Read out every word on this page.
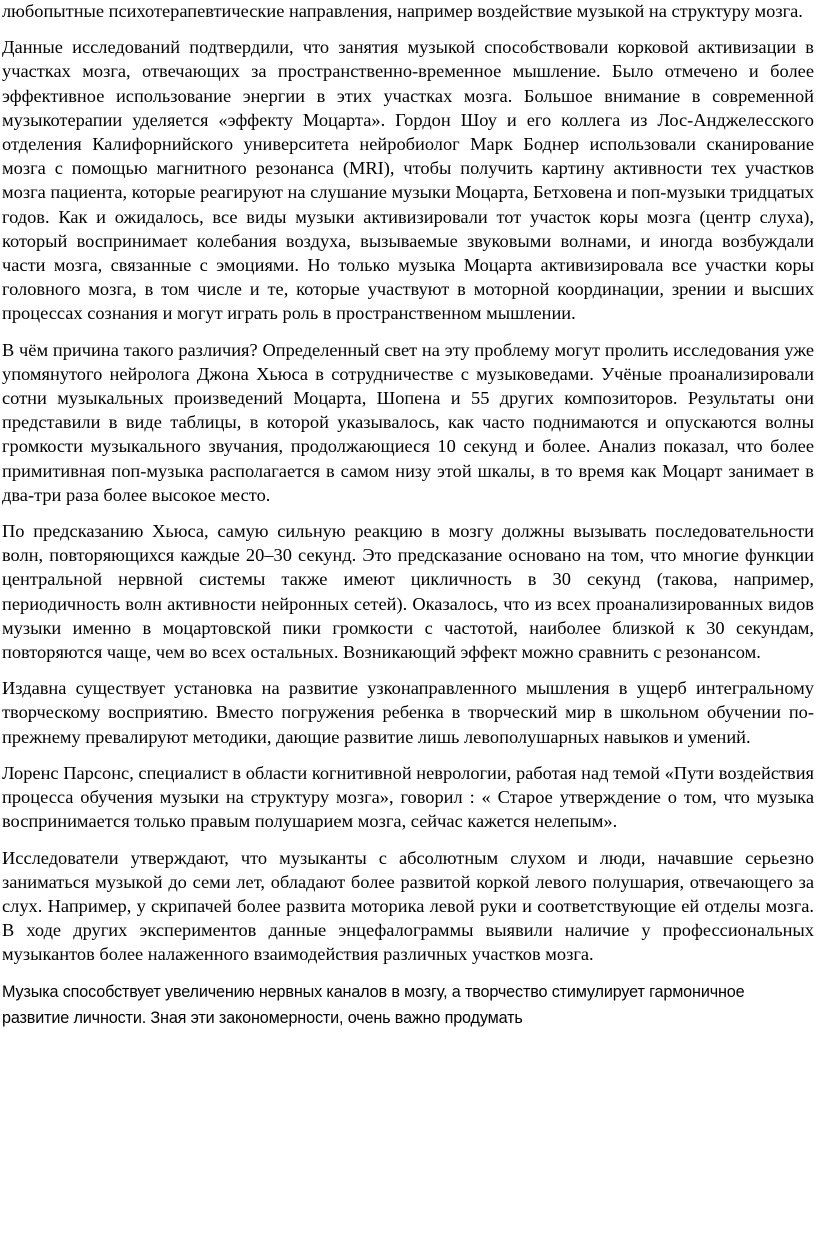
любопытные психотерапевтические направления, например воздействие музыкой на структуру мозга.

Данные исследований подтвердили, что занятия музыкой способствовали корковой активизации в участках мозга, отвечающих за пространственно-временное мышление. Было отмечено и более эффективное использование энергии в этих участках мозга. Большое внимание в современной музыкотерапии уделяется «эффекту Моцарта». Гордон Шоу и его коллега из Лос-Анджелесского отделения Калифорнийского университета нейробиолог Марк Боднер использовали сканирование мозга с помощью магнитного резонанса (MRI), чтобы получить картину активности тех участков мозга пациента, которые реагируют на слушание музыки Моцарта, Бетховена и поп-музыки тридцатых годов. Как и ожидалось, все виды музыки активизировали тот участок коры мозга (центр слуха), который воспринимает колебания воздуха, вызываемые звуковыми волнами, и иногда возбуждали части мозга, связанные с эмоциями. Но только музыка Моцарта активизировала все участки коры головного мозга, в том числе и те, которые участвуют в моторной координации, зрении и высших процессах сознания и могут играть роль в пространственном мышлении.

В чём причина такого различия? Определенный свет на эту проблему могут пролить исследования уже упомянутого нейролога Джона Хьюса в сотрудничестве с музыковедами. Учёные проанализировали сотни музыкальных произведений Моцарта, Шопена и 55 других композиторов. Результаты они представили в виде таблицы, в которой указывалось, как часто поднимаются и опускаются волны громкости музыкального звучания, продолжающиеся 10 секунд и более. Анализ показал, что более примитивная поп-музыка располагается в самом низу этой шкалы, в то время как Моцарт занимает в два-три раза более высокое место.

По предсказанию Хьюса, самую сильную реакцию в мозгу должны вызывать последовательности волн, повторяющихся каждые 20–30 секунд. Это предсказание основано на том, что многие функции центральной нервной системы также имеют цикличность в 30 секунд (такова, например, периодичность волн активности нейронных сетей). Оказалось, что из всех проанализированных видов музыки именно в моцартовской пики громкости с частотой, наиболее близкой к 30 секундам, повторяются чаще, чем во всех остальных. Возникающий эффект можно сравнить с резонансом.

Издавна существует установка на развитие узконаправленного мышления в ущерб интегральному творческому восприятию. Вместо погружения ребенка в творческий мир в школьном обучении по-прежнему превалируют методики, дающие развитие лишь левополушарных навыков и умений.

Лоренс Парсонс, специалист в области когнитивной неврологии, работая над темой «Пути воздействия процесса обучения музыки на структуру мозга», говорил : « Старое утверждение о том, что музыка воспринимается только правым полушарием мозга, сейчас кажется нелепым».

Исследователи утверждают, что музыканты с абсолютным слухом и люди, начавшие серьезно заниматься музыкой до семи лет, обладают более развитой коркой левого полушария, отвечающего за слух. Например, у скрипачей более развита моторика левой руки и соответствующие ей отделы мозга. В ходе других экспериментов данные энцефалограммы выявили наличие у профессиональных музыкантов более налаженного взаимодействия различных участков мозга.

Музыка способствует увеличению нервных каналов в мозгу, а творчество стимулирует гармоничное развитие личности. Зная эти закономерности, очень важно продумать
